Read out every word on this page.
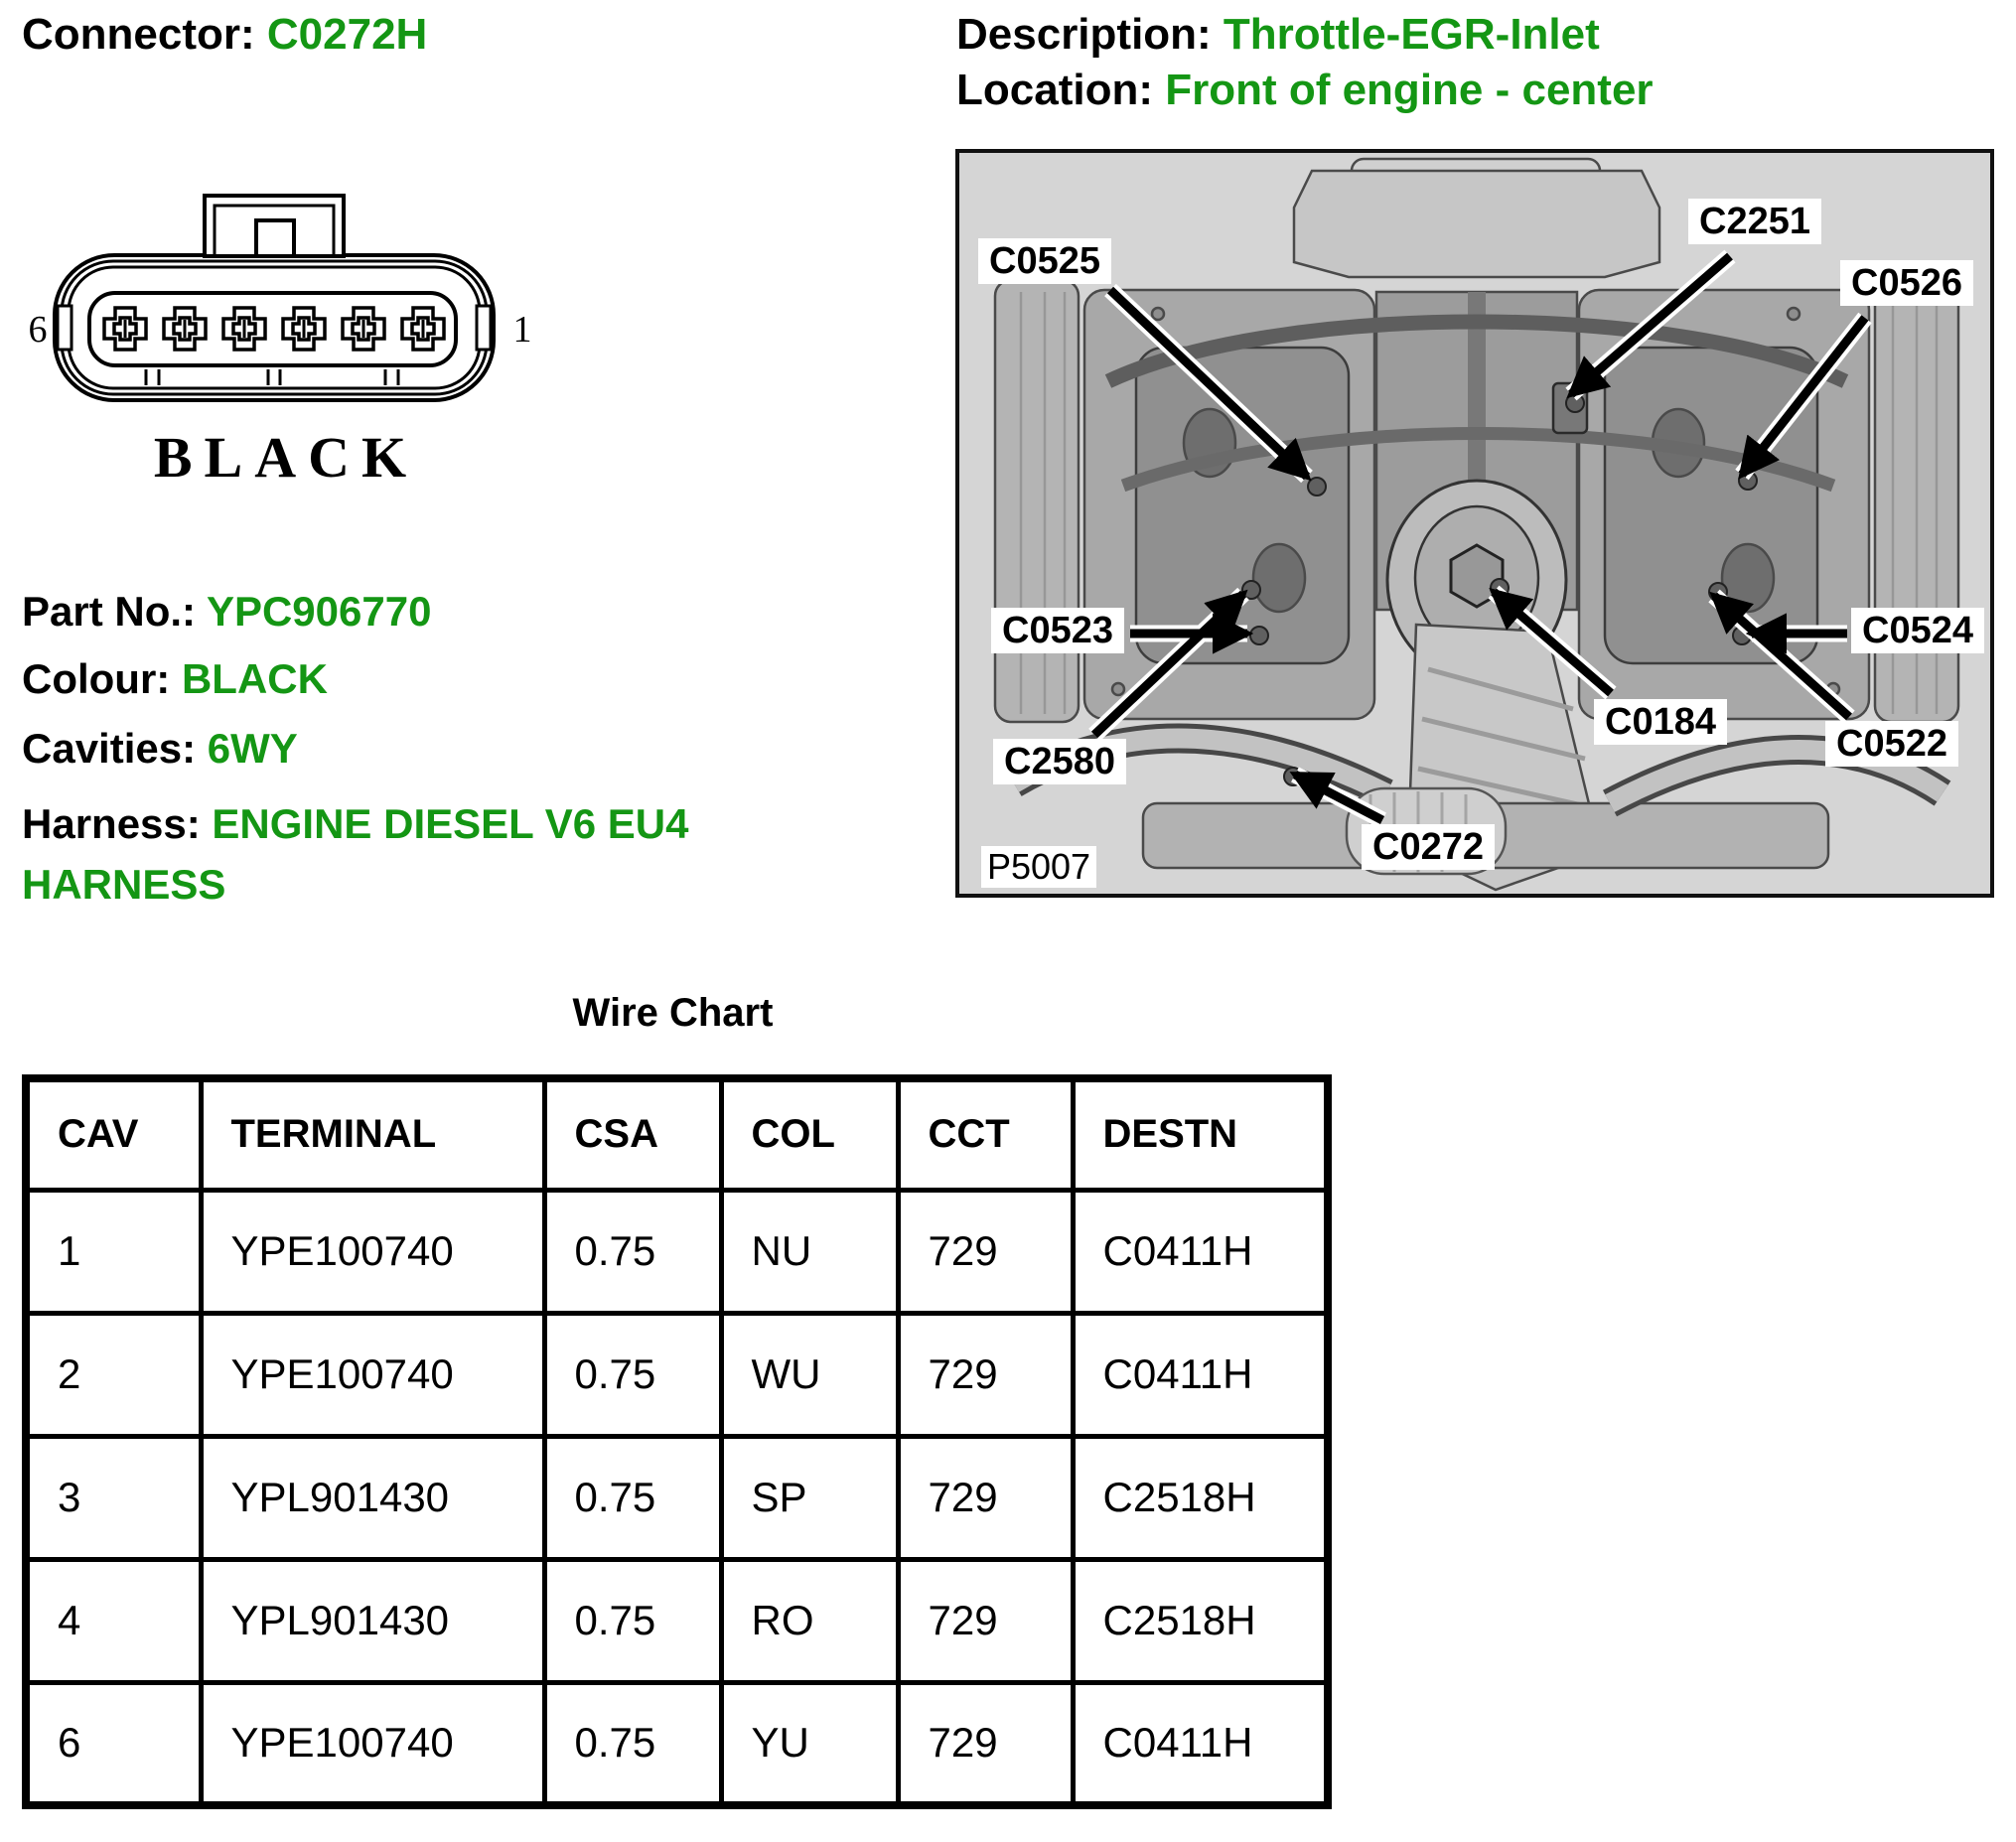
Connector: C0272H	Description: Throttle-EGR-Inlet
Location: Front of engine - center
6	1
BLACK
Part No.: YPC906770
Colour: BLACK
Cavities: 6WY
Harness: ENGINE DIESEL V6 EU4 HARNESS
C0525
C2251
C0526
C0523	C0524
C2580
C0184
C0522
C0272
P5007
Wire Chart
CAV	TERMINAL	CSA	COL	CCT	DESTN
1	YPE100740	0.75	NU	729	C0411H
2	YPE100740	0.75	WU	729	C0411H
3	YPL901430	0.75	SP	729	C2518H
4	YPL901430	0.75	RO	729	C2518H
6	YPE100740	0.75	YU	729	C0411H
